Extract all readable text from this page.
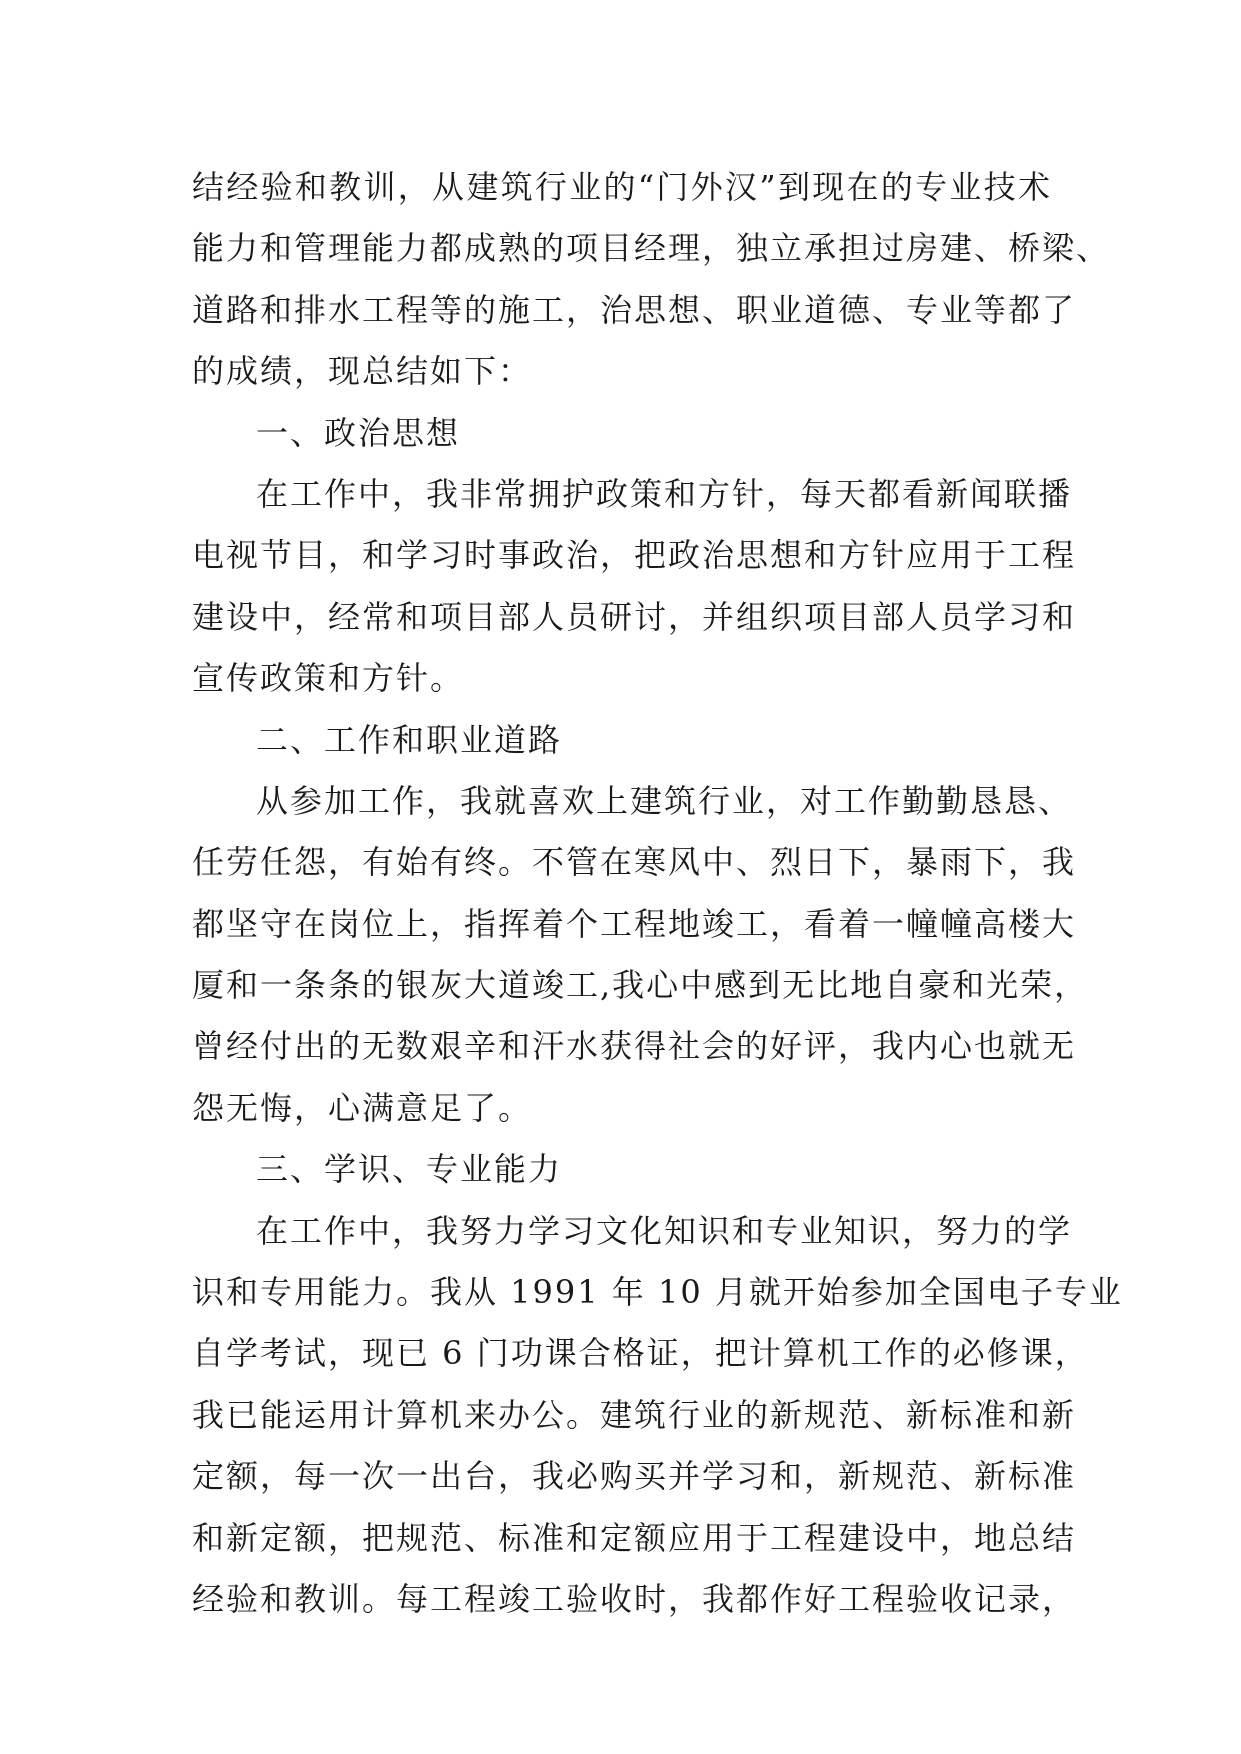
结经验和教训，从建筑行业的“门外汉”到现在的专业技术
能力和管理能力都成熟的项目经理，独立承担过房建、桥梁、
道路和排水工程等的施工，治思想、职业道德、专业等都了
的成绩，现总结如下：
一、政治思想
在工作中，我非常拥护政策和方针，每天都看新闻联播
电视节目，和学习时事政治，把政治思想和方针应用于工程
建设中，经常和项目部人员研讨，并组织项目部人员学习和
宣传政策和方针。
二、工作和职业道路
从参加工作，我就喜欢上建筑行业，对工作勤勤恳恳、
任劳任怨，有始有终。不管在寒风中、烈日下，暴雨下，我
都坚守在岗位上，指挥着个工程地竣工，看着一幢幢高楼大
厦和一条条的银灰大道竣工,我心中感到无比地自豪和光荣，
曾经付出的无数艰辛和汗水获得社会的好评，我内心也就无
怨无悔，心满意足了。
三、学识、专业能力
在工作中，我努力学习文化知识和专业知识，努力的学
识和专用能力。我从 1991 年 10 月就开始参加全国电子专业
自学考试，现已 6 门功课合格证，把计算机工作的必修课，
我已能运用计算机来办公。建筑行业的新规范、新标准和新
定额，每一次一出台，我必购买并学习和，新规范、新标准
和新定额，把规范、标准和定额应用于工程建设中，地总结
经验和教训。每工程竣工验收时，我都作好工程验收记录，
